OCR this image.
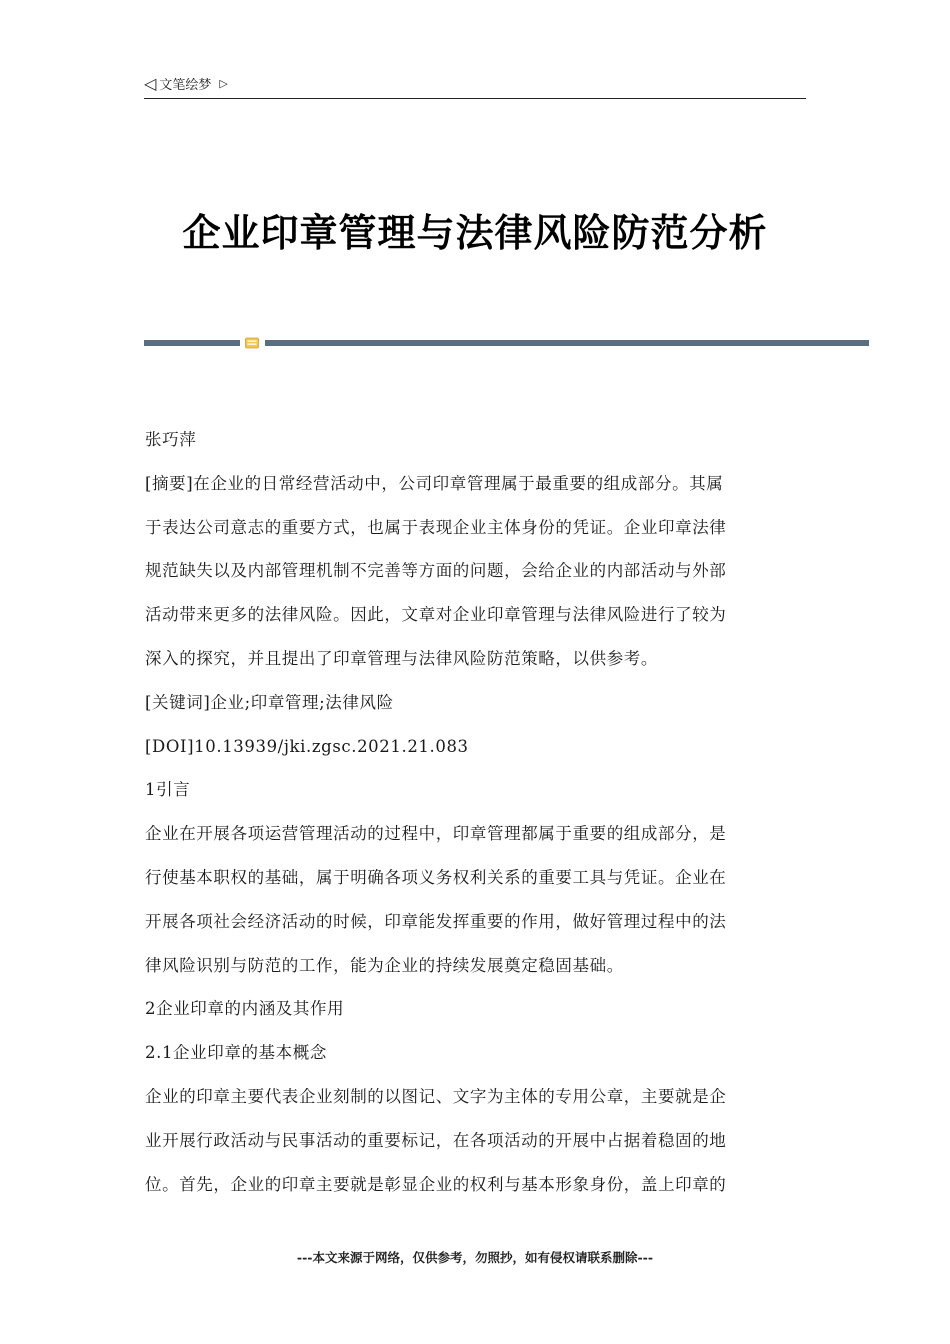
◁ 文笔绘梦 ▷
企业印章管理与法律风险防范分析
张巧萍
[摘要]在企业的日常经营活动中，公司印章管理属于最重要的组成部分。其属
于表达公司意志的重要方式，也属于表现企业主体身份的凭证。企业印章法律
规范缺失以及内部管理机制不完善等方面的问题，会给企业的内部活动与外部
活动带来更多的法律风险。因此，文章对企业印章管理与法律风险进行了较为
深入的探究，并且提出了印章管理与法律风险防范策略，以供参考。
[关键词]企业;印章管理;法律风险
[DOI]10.13939/jki.zgsc.2021.21.083
1引言
企业在开展各项运营管理活动的过程中，印章管理都属于重要的组成部分，是
行使基本职权的基础，属于明确各项义务权利关系的重要工具与凭证。企业在
开展各项社会经济活动的时候，印章能发挥重要的作用，做好管理过程中的法
律风险识别与防范的工作，能为企业的持续发展奠定稳固基础。
2企业印章的内涵及其作用
2.1企业印章的基本概念
企业的印章主要代表企业刻制的以图记、文字为主体的专用公章，主要就是企
业开展行政活动与民事活动的重要标记，在各项活动的开展中占据着稳固的地
位。首先，企业的印章主要就是彰显企业的权利与基本形象身份，盖上印章的
---本文来源于网络，仅供参考，勿照抄，如有侵权请联系删除---
